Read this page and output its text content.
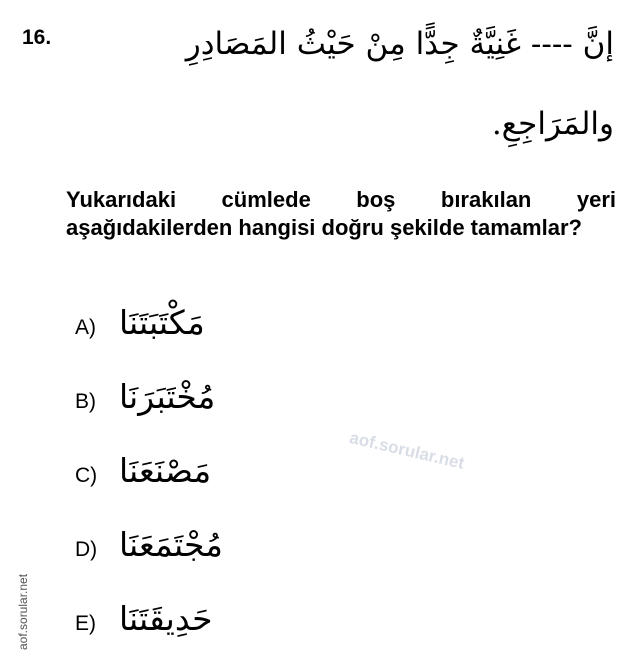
16.	إنَّ ---- غَنِيَّةٌ جِدًّا مِنْ حَيْثُ المَصَادِرِ
والمَرَاجِعِ.
Yukarıdaki cümlede boş bırakılan yeri aşağıdakilerden hangisi doğru şekilde tamamlar?
A) مَكْتَبَتَنَا
B) مُخْتَبَرَنَا
C) مَصْنَعَنَا
D) مُجْتَمَعَنَا
E) حَدِيقَتَنَا
aof.sorular.net
aof.sorular.net
